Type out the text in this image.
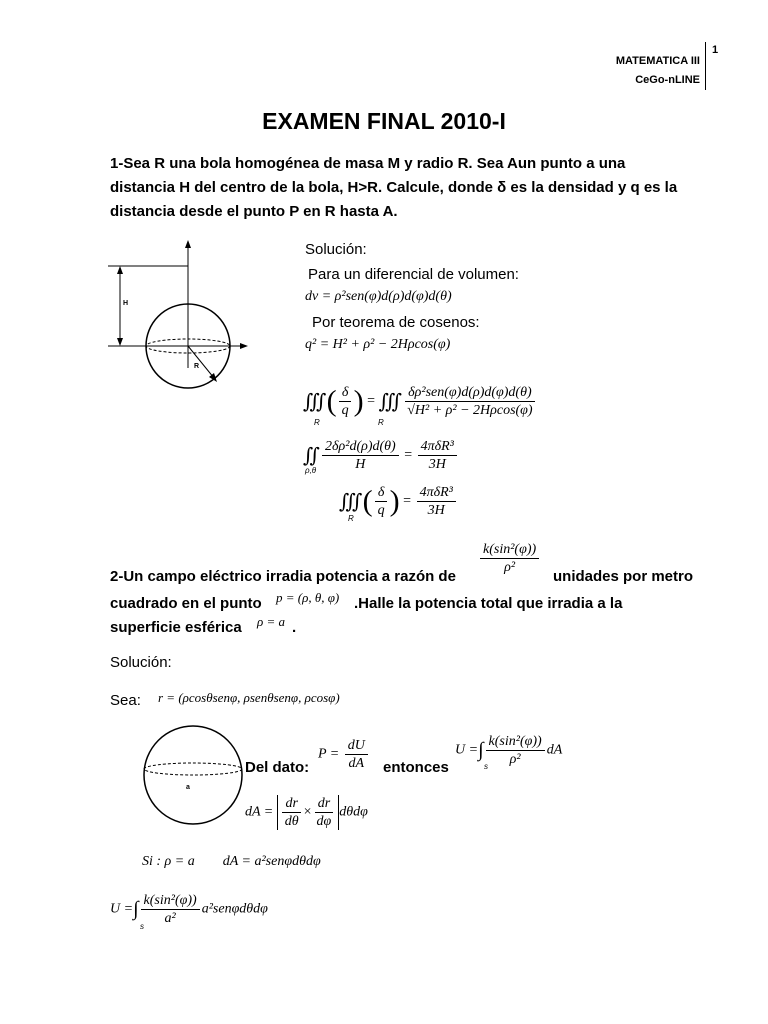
MATEMATICA III
CeGo-nLINE
1
EXAMEN FINAL 2010-I
1-Sea R una bola homogénea de masa M y radio R. Sea Aun punto a una
distancia H del centro de la bola, H>R. Calcule, donde δ es la densidad y q es la
distancia desde el punto P en R hasta A.
H
R
Solución:
Para un diferencial de volumen:
dv = ρ²sen(φ)d(ρ)d(φ)d(θ)
Por teorema de cosenos:
q² = H² + ρ² − 2Hρcos(φ)
∭( $\frac{\delta}{q}$ ) = ∭ $\frac{\text{δρ²sen(φ)d(ρ)d(φ)d(θ)}}{\text{√H² + ρ² − 2Hρcos(φ)}}$
R	R
∬ $\frac{\text{2δρ²d(ρ)d(θ)}}{H} = \frac{\text{4πδR³}}{3H}$
ρ,θ
∭( $\frac{\delta}{q}$ ) = $\frac{\text{4πδR³}}{3H}$
R
$\frac{\text{k(sin²(φ))}}{\text{ρ²}}$
2-Un campo eléctrico irradia potencia a razón de	unidades por metro
cuadrado en el punto p = (ρ, θ, φ) .Halle la potencia total que irradia a la
superficie esférica ρ = a .
Solución:
Sea: r = (ρcosθsenφ, ρsenθsenφ, ρcosφ)
a
Del dato:
$P = \frac{dU}{dA}$ entonces
U =∫ $\frac{\text{k(sin²(φ))}}{\text{ρ²}}$ dA
s
dA = $\frac{dr}{d\theta} \times \frac{dr}{d\varphi}$ dθdφ
Si : ρ = a        dA = a²senφdθdφ
U =∫ $\frac{\text{k(sin²(φ))}}{\text{a²}} a^2sen\varphi d\theta d\varphi$
s
